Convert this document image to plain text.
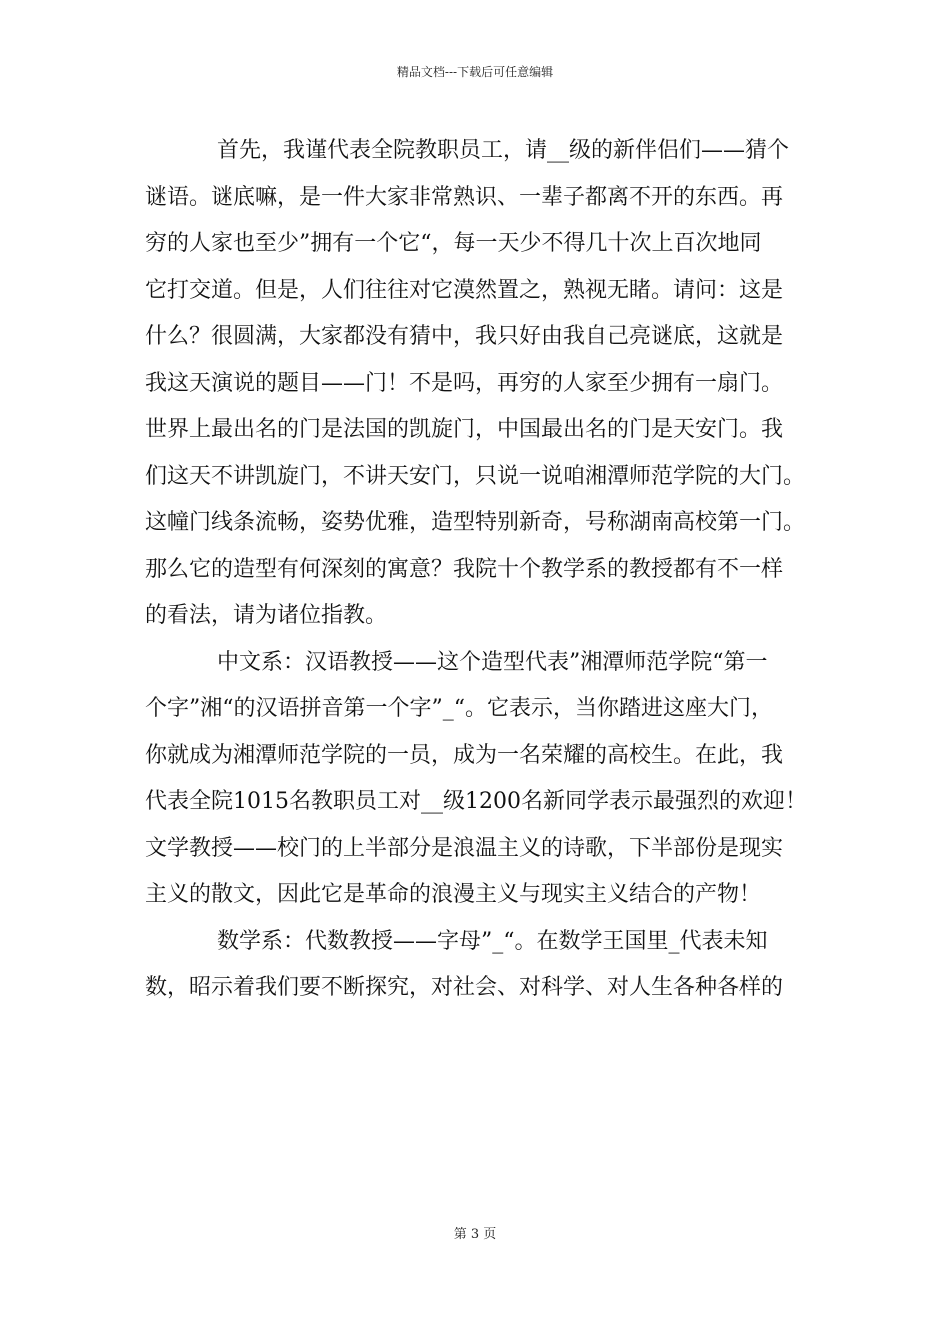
精品文档---下载后可任意编辑
首先，我谨代表全院教职员工，请__级的新伴侣们——猜个
谜语。谜底嘛，是一件大家非常熟识、一辈子都离不开的东西。再
穷的人家也至少”拥有一个它“，每一天少不得几十次上百次地同
它打交道。但是，人们往往对它漠然置之，熟视无睹。请问：这是
什么？很圆满，大家都没有猜中，我只好由我自己亮谜底，这就是
我这天演说的题目——门！不是吗，再穷的人家至少拥有一扇门。
世界上最出名的门是法国的凯旋门，中国最出名的门是天安门。我
们这天不讲凯旋门，不讲天安门，只说一说咱湘潭师范学院的大门。
这幢门线条流畅，姿势优雅，造型特别新奇，号称湖南高校第一门。
那么它的造型有何深刻的寓意？我院十个教学系的教授都有不一样
的看法，请为诸位指教。
中文系：汉语教授——这个造型代表”湘潭师范学院“第一
个字”湘“的汉语拼音第一个字”_“。它表示，当你踏进这座大门，
你就成为湘潭师范学院的一员，成为一名荣耀的高校生。在此，我
代表全院1015名教职员工对__级1200名新同学表示最强烈的欢迎！
文学教授——校门的上半部分是浪温主义的诗歌，下半部份是现实
主义的散文，因此它是革命的浪漫主义与现实主义结合的产物！
数学系：代数教授——字母”_“。在数学王国里_代表未知
数，昭示着我们要不断探究，对社会、对科学、对人生各种各样的
第 3 页
